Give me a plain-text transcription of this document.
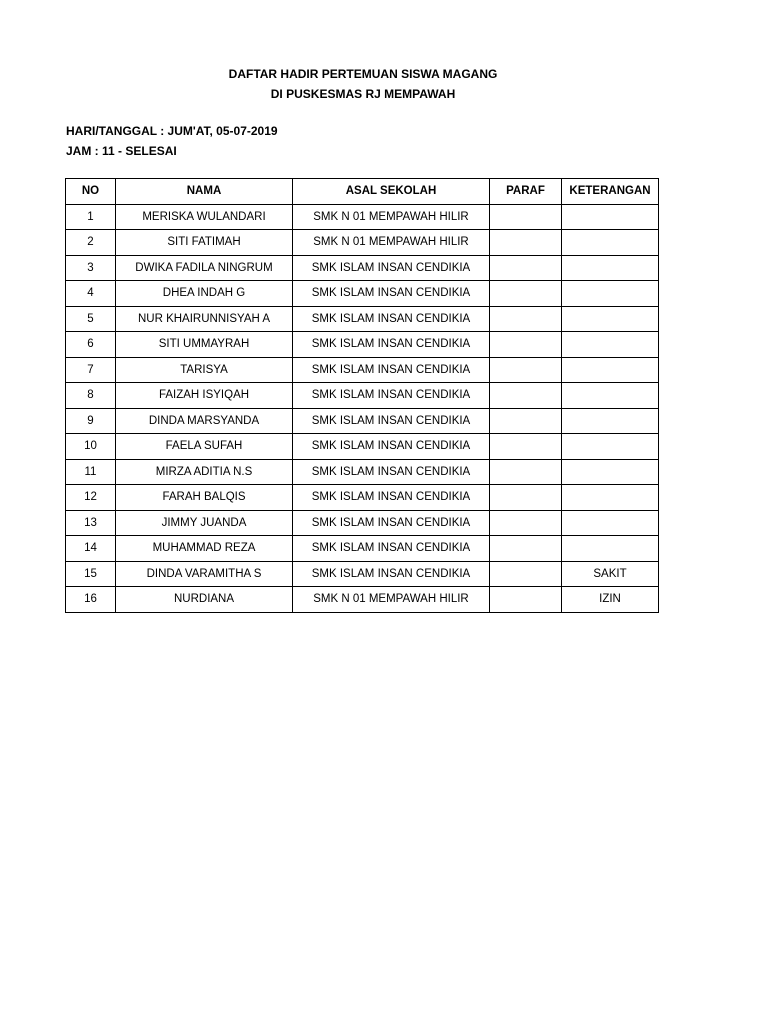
DAFTAR HADIR PERTEMUAN SISWA MAGANG
DI PUSKESMAS RJ MEMPAWAH
HARI/TANGGAL : JUM'AT, 05-07-2019
JAM : 11 - SELESAI
NO	NAMA	ASAL SEKOLAH	PARAF	KETERANGAN
1	MERISKA WULANDARI	SMK N 01 MEMPAWAH HILIR		
2	SITI FATIMAH	SMK N 01 MEMPAWAH HILIR		
3	DWIKA FADILA NINGRUM	SMK ISLAM INSAN CENDIKIA		
4	DHEA INDAH G	SMK ISLAM INSAN CENDIKIA		
5	NUR KHAIRUNNISYAH A	SMK ISLAM INSAN CENDIKIA		
6	SITI UMMAYRAH	SMK ISLAM INSAN CENDIKIA		
7	TARISYA	SMK ISLAM INSAN CENDIKIA		
8	FAIZAH ISYIQAH	SMK ISLAM INSAN CENDIKIA		
9	DINDA MARSYANDA	SMK ISLAM INSAN CENDIKIA		
10	FAELA SUFAH	SMK ISLAM INSAN CENDIKIA		
11	MIRZA ADITIA N.S	SMK ISLAM INSAN CENDIKIA		
12	FARAH BALQIS	SMK ISLAM INSAN CENDIKIA		
13	JIMMY JUANDA	SMK ISLAM INSAN CENDIKIA		
14	MUHAMMAD REZA	SMK ISLAM INSAN CENDIKIA		
15	DINDA VARAMITHA S	SMK ISLAM INSAN CENDIKIA		SAKIT
16	NURDIANA	SMK N 01 MEMPAWAH HILIR		IZIN
